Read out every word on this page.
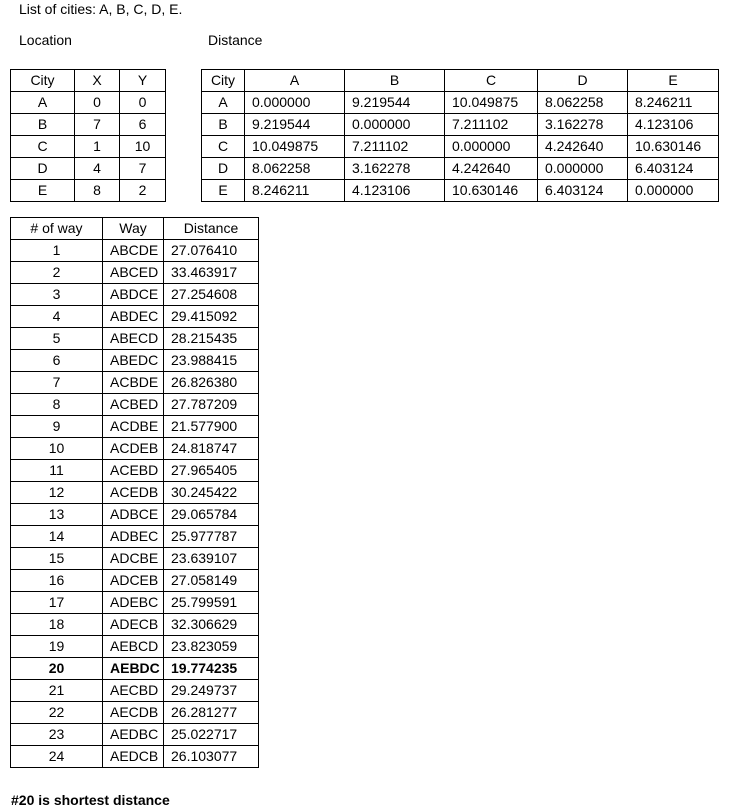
List of cities: A, B, C, D, E.
Location	Distance
City	X	Y
A	0	0
B	7	6
C	1	10
D	4	7
E	8	2
City	A	B	C	D	E
A	0.000000	9.219544	10.049875	8.062258	8.246211
B	9.219544	0.000000	7.211102	3.162278	4.123106
C	10.049875	7.211102	0.000000	4.242640	10.630146
D	8.062258	3.162278	4.242640	0.000000	6.403124
E	8.246211	4.123106	10.630146	6.403124	0.000000
# of way	Way	Distance
1	ABCDE	27.076410
2	ABCED	33.463917
3	ABDCE	27.254608
4	ABDEC	29.415092
5	ABECD	28.215435
6	ABEDC	23.988415
7	ACBDE	26.826380
8	ACBED	27.787209
9	ACDBE	21.577900
10	ACDEB	24.818747
11	ACEBD	27.965405
12	ACEDB	30.245422
13	ADBCE	29.065784
14	ADBEC	25.977787
15	ADCBE	23.639107
16	ADCEB	27.058149
17	ADEBC	25.799591
18	ADECB	32.306629
19	AEBCD	23.823059
20	AEBDC	19.774235
21	AECBD	29.249737
22	AECDB	26.281277
23	AEDBC	25.022717
24	AEDCB	26.103077
#20 is shortest distance
